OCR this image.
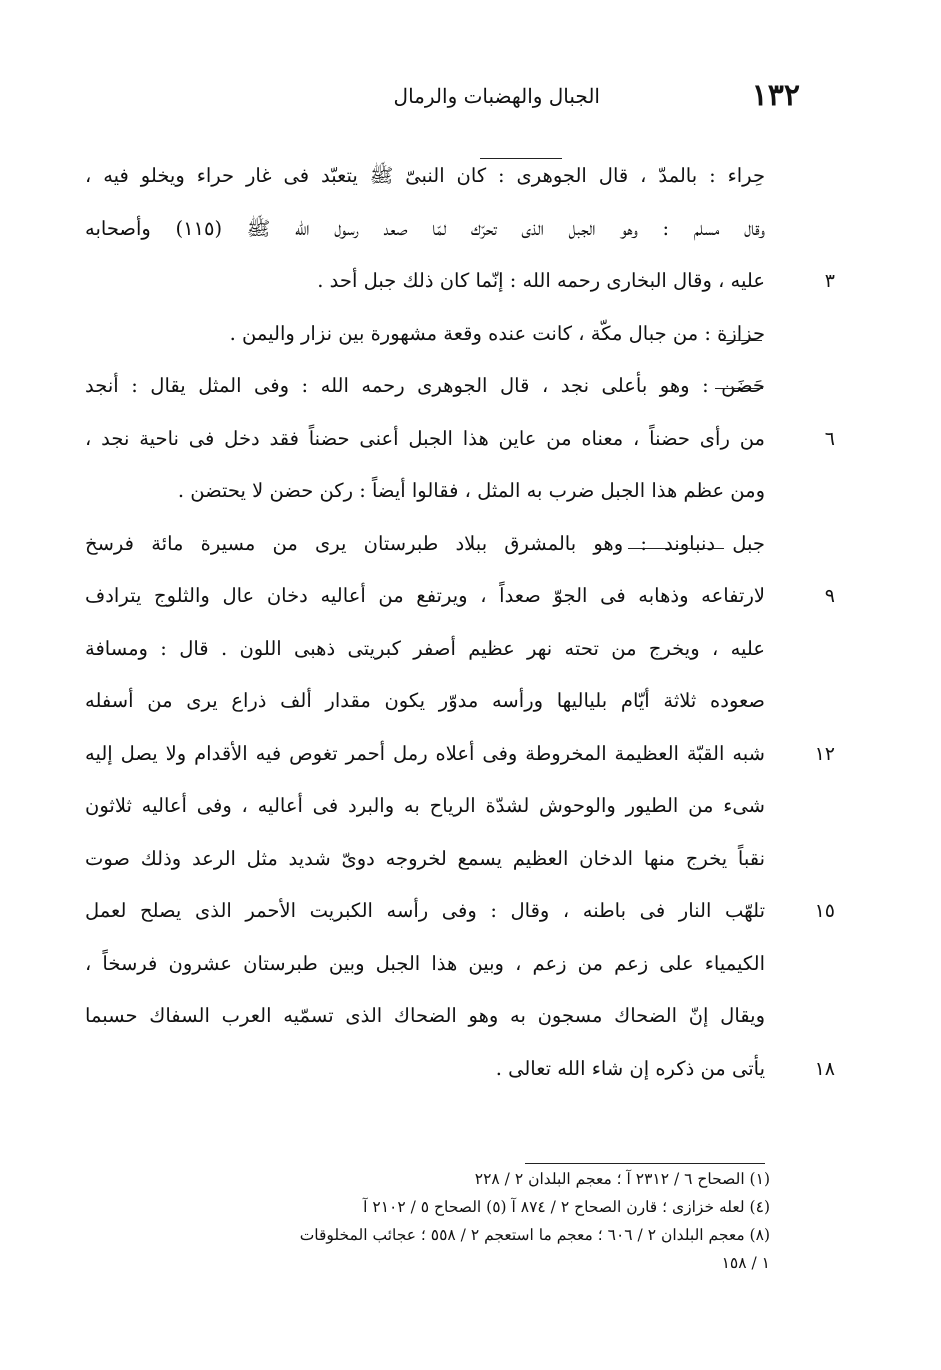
١٣٢
الجبال والهضبات والرمال
حِراء : بالمدّ ، قال الجوهرى : كان النبىّ ﷺ يتعبّد فى غار حراء ويخلو فيه ،
وقال مسلم : وهو الجبل الذى تحرّك لمّا صعد رسول الله ﷺ (١١٥) وأصحابه
عليه ، وقال البخارى رحمه الله : إنّما كان ذلك جبل أحد .	٣
حزازة : من جبال مكّة ، كانت عنده وقعة مشهورة بين نزار واليمن .
حَضَن : وهو بأعلى نجد ، قال الجوهرى رحمه الله : وفى المثل يقال : أنجد
من رأى حضناً ، معناه من عاين هذا الجبل أعنى حضناً فقد دخل فى ناحية نجد ،	٦
ومن عظم هذا الجبل ضرب به المثل ، فقالوا أيضاً : ركن حضن لا يحتضن .
جبل دنباوند : وهو بالمشرق ببلاد طبرستان يرى من مسيرة مائة فرسخ
لارتفاعه وذهابه فى الجوّ صعداً ، ويرتفع من أعاليه دخان عال والثلوج يترادف	٩
عليه ، ويخرج من تحته نهر عظيم أصفر كبريتى ذهبى اللون . قال : ومسافة
صعوده ثلاثة أيّام بلياليها ورأسه مدوّر يكون مقدار ألف ذراع يرى من أسفله
شبه القبّة العظيمة المخروطة وفى أعلاه رمل أحمر تغوص فيه الأقدام ولا يصل إليه	١٢
شىء من الطيور والوحوش لشدّة الرياح به والبرد فى أعاليه ، وفى أعاليه ثلاثون
نقباً يخرج منها الدخان العظيم يسمع لخروجه دوىّ شديد مثل الرعد وذلك صوت
تلهّب النار فى باطنه ، وقال : وفى رأسه الكبريت الأحمر الذى يصلح لعمل	١٥
الكيمياء على زعم من زعم ، وبين هذا الجبل وبين طبرستان عشرون فرسخاً ،
ويقال إنّ الضحاك مسجون به وهو الضحاك الذى تسمّيه العرب السفاك حسبما
يأتى من ذكره إن شاء الله تعالى .	١٨
(١) الصحاح ٦ / ٢٣١٢ آ ؛ معجم البلدان ٢ / ٢٢٨
(٤) لعله خزازى ؛ قارن الصحاح ٢ / ٨٧٤ آ (٥) الصحاح ٥ / ٢١٠٢ آ
(٨) معجم البلدان ٢ / ٦٠٦ ؛ معجم ما استعجم ٢ / ٥٥٨ ؛ عجائب المخلوقات
١ / ١٥٨
